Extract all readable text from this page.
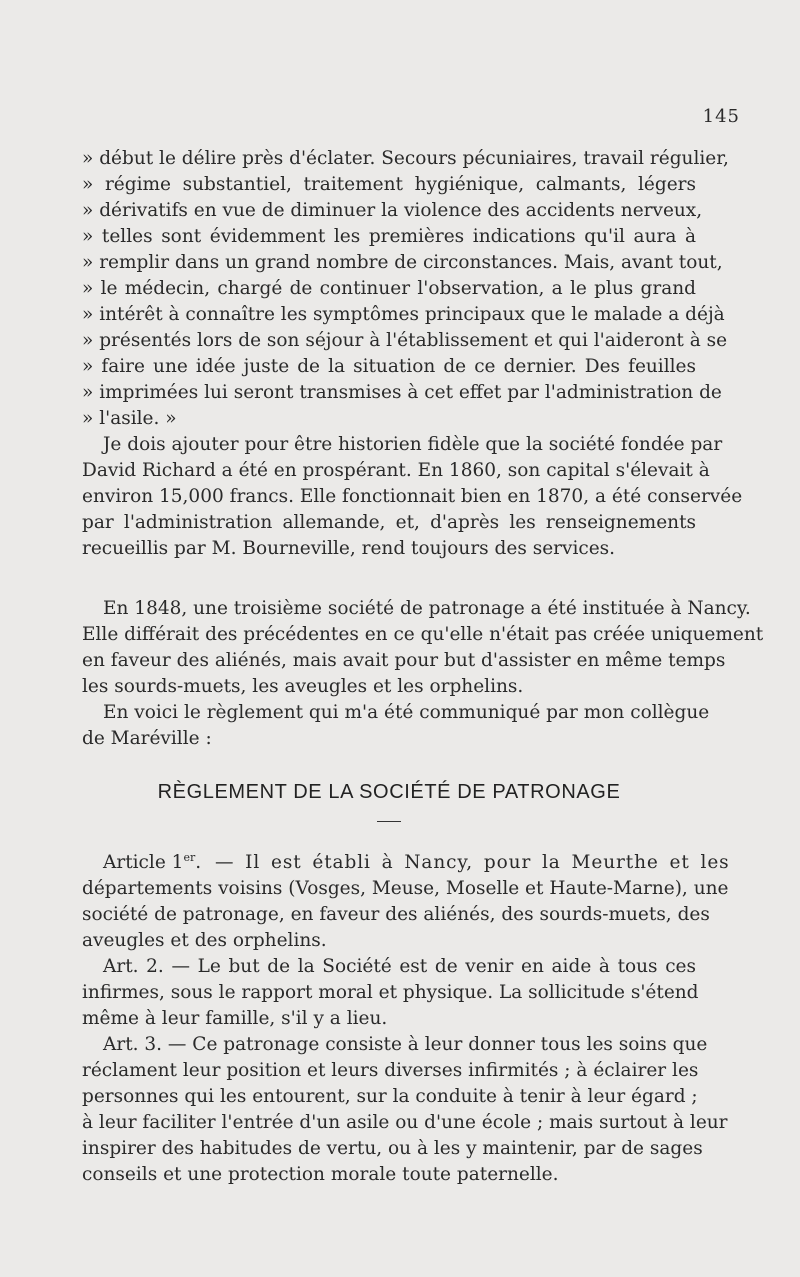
145
» début le délire près d'éclater. Secours pécuniaires, travail régulier,
» régime substantiel, traitement hygiénique, calmants, légers
» dérivatifs en vue de diminuer la violence des accidents nerveux,
» telles sont évidemment les premières indications qu'il aura à
» remplir dans un grand nombre de circonstances. Mais, avant tout,
» le médecin, chargé de continuer l'observation, a le plus grand
» intérêt à connaître les symptômes principaux que le malade a déjà
» présentés lors de son séjour à l'établissement et qui l'aideront à se
» faire une idée juste de la situation de ce dernier. Des feuilles
» imprimées lui seront transmises à cet effet par l'administration de
» l'asile. »
Je dois ajouter pour être historien fidèle que la société fondée par
David Richard a été en prospérant. En 1860, son capital s'élevait à
environ 15,000 francs. Elle fonctionnait bien en 1870, a été conservée
par l'administration allemande, et, d'après les renseignements
recueillis par M. Bourneville, rend toujours des services.
En 1848, une troisième société de patronage a été instituée à Nancy.
Elle différait des précédentes en ce qu'elle n'était pas créée uniquement
en faveur des aliénés, mais avait pour but d'assister en même temps
les sourds-muets, les aveugles et les orphelins.
En voici le règlement qui m'a été communiqué par mon collègue
de Maréville :
RÈGLEMENT DE LA SOCIÉTÉ DE PATRONAGE
Article 1er. — Il est établi à Nancy, pour la Meurthe et les
départements voisins (Vosges, Meuse, Moselle et Haute-Marne), une
société de patronage, en faveur des aliénés, des sourds-muets, des
aveugles et des orphelins.
Art. 2. — Le but de la Société est de venir en aide à tous ces
infirmes, sous le rapport moral et physique. La sollicitude s'étend
même à leur famille, s'il y a lieu.
Art. 3. — Ce patronage consiste à leur donner tous les soins que
réclament leur position et leurs diverses infirmités ; à éclairer les
personnes qui les entourent, sur la conduite à tenir à leur égard ;
à leur faciliter l'entrée d'un asile ou d'une école ; mais surtout à leur
inspirer des habitudes de vertu, ou à les y maintenir, par de sages
conseils et une protection morale toute paternelle.
